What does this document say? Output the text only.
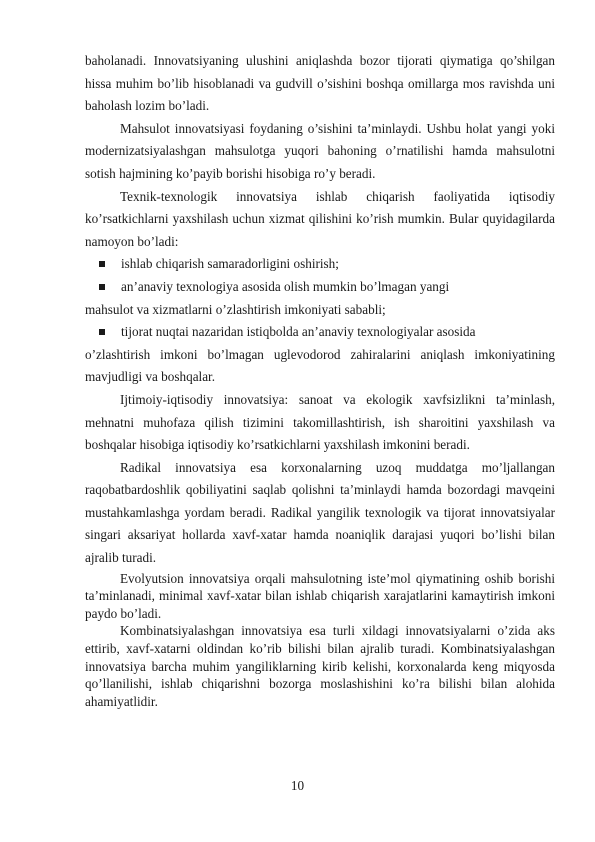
baholanadi. Innovatsiyaning ulushini aniqlashda bozor tijorati qiymatiga qo’shilgan hissa muhim bo’lib hisoblanadi va gudvill o’sishini boshqa omillarga mos ravishda uni baholash lozim bo’ladi.

Mahsulot innovatsiyasi foydaning o’sishini ta’minlaydi. Ushbu holat yangi yoki modernizatsiyalashgan mahsulotga yuqori bahoning o’rnatilishi hamda mahsulotni sotish hajmining ko’payib borishi hisobiga ro’y beradi.

Texnik-texnologik innovatsiya ishlab chiqarish faoliyatida iqtisodiy ko’rsatkichlarni yaxshilash uchun xizmat qilishini ko’rish mumkin. Bular quyidagilarda namoyon bo’ladi:

ishlab chiqarish samaradorligini oshirish;
an’anaviy texnologiya asosida olish mumkin bo’lmagan yangi

mahsulot va xizmatlarni o’zlashtirish imkoniyati sababli;

tijorat nuqtai nazaridan istiqbolda an’anaviy texnologiyalar asosida

o’zlashtirish imkoni bo’lmagan uglevodorod zahiralarini aniqlash imkoniyatining mavjudligi va boshqalar.

Ijtimoiy-iqtisodiy innovatsiya: sanoat va ekologik xavfsizlikni ta’minlash, mehnatni muhofaza qilish tizimini takomillashtirish, ish sharoitini yaxshilash va boshqalar hisobiga iqtisodiy ko’rsatkichlarni yaxshilash imkonini beradi.

Radikal innovatsiya esa korxonalarning uzoq muddatga mo’ljallangan raqobatbardoshlik qobiliyatini saqlab qolishni ta’minlaydi hamda bozordagi mavqeini mustahkamlashga yordam beradi. Radikal yangilik texnologik va tijorat innovatsiyalar singari aksariyat hollarda xavf-xatar hamda noaniqlik darajasi yuqori bo’lishi bilan ajralib turadi.

Evolyutsion innovatsiya orqali mahsulotning iste’mol qiymatining oshib borishi ta’minlanadi, minimal xavf-xatar bilan ishlab chiqarish xarajatlarini kamaytirish imkoni paydo bo’ladi.

Kombinatsiyalashgan innovatsiya esa turli xildagi innovatsiyalarni o’zida aks ettirib, xavf-xatarni oldindan ko’rib bilishi bilan ajralib turadi. Kombinatsiyalashgan innovatsiya barcha muhim yangiliklarning kirib kelishi, korxonalarda keng miqyosda qo’llanilishi, ishlab chiqarishni bozorga moslashishini ko’ra bilishi bilan alohida ahamiyatlidir.

10
